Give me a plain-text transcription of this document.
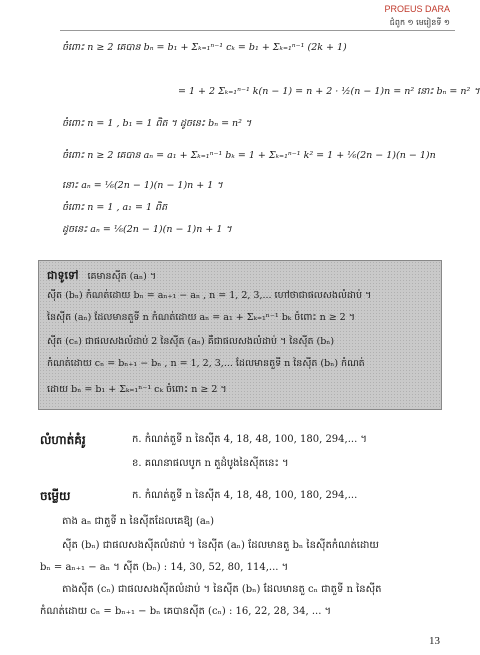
PROEUS DARA
ជំពូក ១ មេរៀនទី ១
ចំពោះ n ≥ 2 គេបាន bₙ = b₁ + Σₖ₌₁ⁿ⁻¹ cₖ = b₁ + Σₖ₌₁ⁿ⁻¹ (2k + 1)
= 1 + 2 Σₖ₌₁ⁿ⁻¹ k(n − 1) = n + 2 · ½(n − 1)n = n² នោះ bₙ = n² ។
ចំពោះ n = 1 , b₁ = 1 ពិត ។ ដូចនេះ bₙ = n² ។
ចំពោះ n ≥ 2 គេបាន aₙ = a₁ + Σₖ₌₁ⁿ⁻¹ bₖ = 1 + Σₖ₌₁ⁿ⁻¹ k² = 1 + ⅙(2n − 1)(n − 1)n
នោះ aₙ = ⅙(2n − 1)(n − 1)n + 1 ។
ចំពោះ n = 1 , a₁ = 1 ពិត
ដូចនេះ aₙ = ⅙(2n − 1)(n − 1)n + 1 ។
ជាទូទៅ គេមានស៊ីត (aₙ) ។
ស៊ីត (bₙ) កំណត់ដោយ bₙ = aₙ₊₁ − aₙ , n = 1, 2, 3,... ហៅថាជាផលសងលំដាប់ ។
នៃស៊ីត (aₙ) ដែលមានតួទី n កំណត់ដោយ aₙ = a₁ + Σₖ₌₁ⁿ⁻¹ bₖ ចំពោះ n ≥ 2 ។
ស៊ីត (cₙ) ជាផលសងលំដាប់ 2 នៃស៊ីត (aₙ) គឺជាផលសងលំដាប់ ។ នៃស៊ីត (bₙ)
កំណត់ដោយ cₙ = bₙ₊₁ − bₙ , n = 1, 2, 3,... ដែលមានតួទី n នៃស៊ីត (bₙ) កំណត់
ដោយ bₙ = b₁ + Σₖ₌₁ⁿ⁻¹ cₖ ចំពោះ n ≥ 2 ។
លំហាត់គំរូ	ក. កំណត់តួទី n នៃស៊ីត 4, 18, 48, 100, 180, 294,... ។
ខ. គណនាផលបូក n តួដំបូងនៃស៊ីតនេះ ។
ចម្លើយ	ក. កំណត់តួទី n នៃស៊ីត 4, 18, 48, 100, 180, 294,...
តាង aₙ ជាតួទី n នៃស៊ីតដែលគេឱ្យ (aₙ)
ស៊ីត (bₙ) ជាផលសងស៊ីតលំដាប់ ។ នៃស៊ីត (aₙ) ដែលមានតួ bₙ នៃស៊ីតកំណត់ដោយ
bₙ = aₙ₊₁ − aₙ ។ ស៊ីត (bₙ) : 14, 30, 52, 80, 114,... ។
តាងស៊ីត (cₙ) ជាផលសងស៊ីតលំដាប់ ។ នៃស៊ីត (bₙ) ដែលមានតួ cₙ ជាតួទី n នៃស៊ីត
កំណត់ដោយ cₙ = bₙ₊₁ − bₙ គេបានស៊ីត (cₙ) : 16, 22, 28, 34, ... ។
13
